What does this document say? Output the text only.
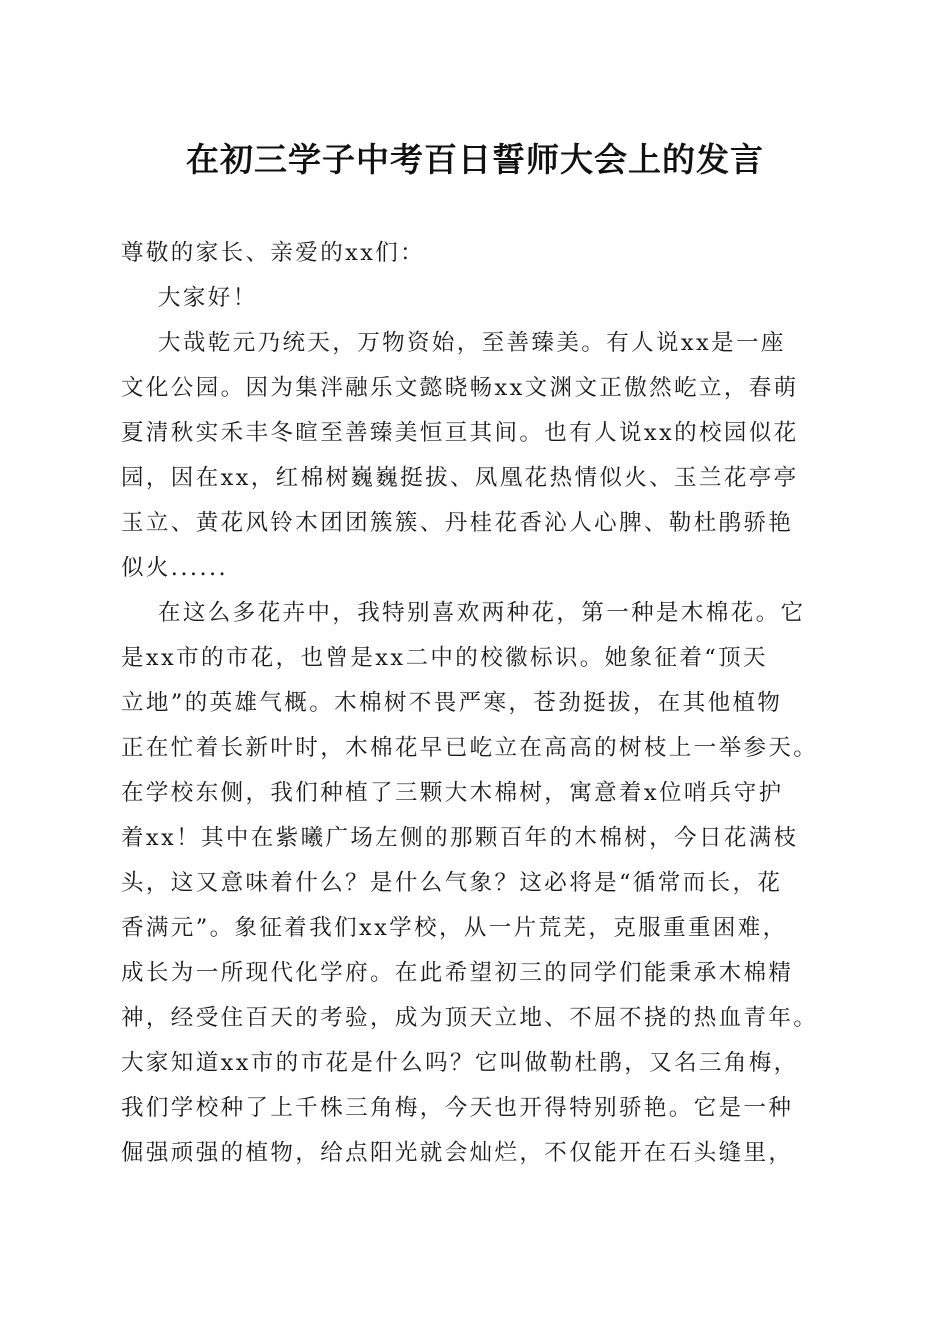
在初三学子中考百日誓师大会上的发言
尊敬的家长、亲爱的xx们：
大家好！
大哉乾元乃统天，万物资始，至善臻美。有人说xx是一座
文化公园。因为集泮融乐文懿晓畅xx文渊文正傲然屹立，春萌
夏清秋实禾丰冬暄至善臻美恒亘其间。也有人说xx的校园似花
园，因在xx，红棉树巍巍挺拔、凤凰花热情似火、玉兰花亭亭
玉立、黄花风铃木团团簇簇、丹桂花香沁人心脾、勒杜鹃骄艳
似火......
在这么多花卉中，我特别喜欢两种花，第一种是木棉花。它
是xx市的市花，也曾是xx二中的校徽标识。她象征着“顶天
立地”的英雄气概。木棉树不畏严寒，苍劲挺拔，在其他植物
正在忙着长新叶时，木棉花早已屹立在高高的树枝上一举参天。
在学校东侧，我们种植了三颗大木棉树，寓意着x位哨兵守护
着xx！其中在紫曦广场左侧的那颗百年的木棉树，今日花满枝
头，这又意味着什么？是什么气象？这必将是“循常而长，花
香满元”。象征着我们xx学校，从一片荒芜，克服重重困难，
成长为一所现代化学府。在此希望初三的同学们能秉承木棉精
神，经受住百天的考验，成为顶天立地、不屈不挠的热血青年。
大家知道xx市的市花是什么吗？它叫做勒杜鹃，又名三角梅，
我们学校种了上千株三角梅，今天也开得特别骄艳。它是一种
倔强顽强的植物，给点阳光就会灿烂，不仅能开在石头缝里，
